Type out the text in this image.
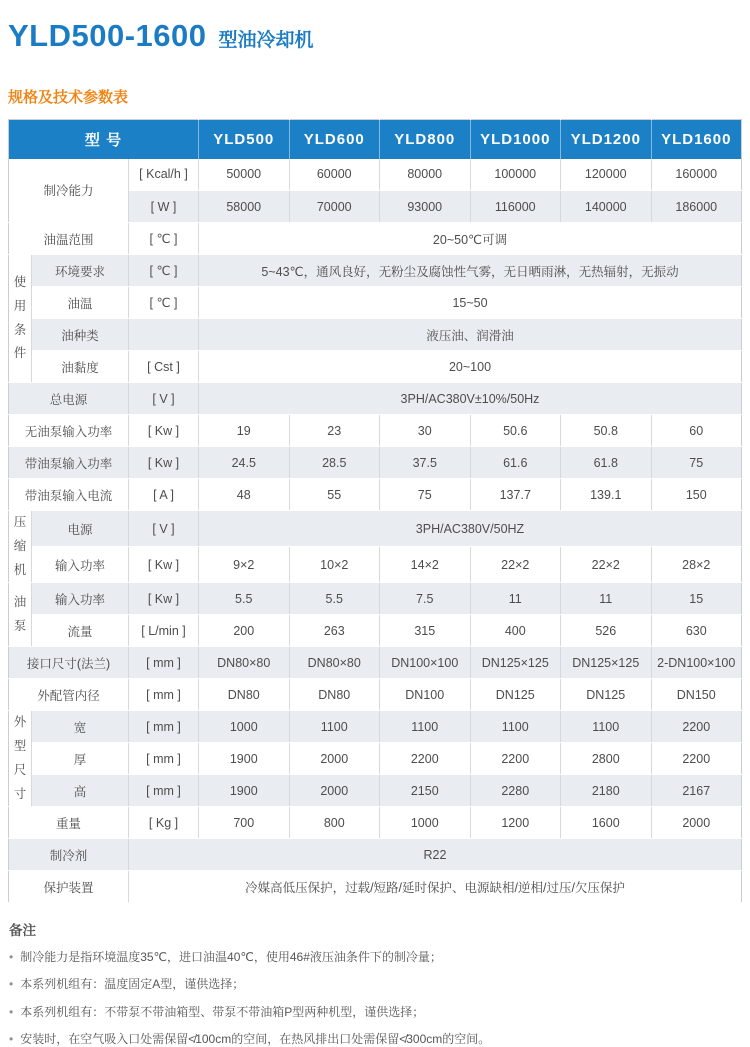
YLD500-1600 型油冷却机
规格及技术参数表
型 号			YLD500	YLD600	YLD800	YLD1000	YLD1200	YLD1600
制冷能力		[ Kcal/h ]	50000	60000	80000	100000	120000	160000
		[ W ]	58000	70000	93000	116000	140000	186000
油温范围		[ ℃ ]	20~50℃可调					
使用条件	环境要求	[ ℃ ]	5~43℃，通风良好，无粉尘及腐蚀性气雾，无日晒雨淋，无热辐射，无振动					
	油温	[ ℃ ]	15~50					
	油种类		液压油、润滑油					
	油黏度	[ Cst ]	20~100					
总电源		[ V ]	3PH/AC380V±10%/50Hz					
无油泵输入功率		[ Kw ]	19	23	30	50.6	50.8	60
带油泵输入功率		[ Kw ]	24.5	28.5	37.5	61.6	61.8	75
带油泵输入电流		[ A ]	48	55	75	137.7	139.1	150
压缩机	电源	[ V ]	3PH/AC380V/50HZ					
	输入功率	[ Kw ]	9×2	10×2	14×2	22×2	22×2	28×2
油泵	输入功率	[ Kw ]	5.5	5.5	7.5	11	11	15
	流量	[ L/min ]	200	263	315	400	526	630
接口尺寸(法兰)		[ mm ]	DN80×80	DN80×80	DN100×100	DN125×125	DN125×125	2-DN100×100
外配管内径		[ mm ]	DN80	DN80	DN100	DN125	DN125	DN150
外型尺寸	宽	[ mm ]	1000	1100	1100	1100	1100	2200
	厚	[ mm ]	1900	2000	2200	2200	2800	2200
	高	[ mm ]	1900	2000	2150	2280	2180	2167
重量		[ Kg ]	700	800	1000	1200	1600	2000
制冷剂		R22						
保护装置		冷媒高低压保护，过载/短路/延时保护、电源缺相/逆相/过压/欠压保护						
备注
• 制冷能力是指环境温度35℃，进口油温40℃，使用46#液压油条件下的制冷量；
• 本系列机组有：温度固定A型，谨供选择；
• 本系列机组有：不带泵不带油箱型、带泵不带油箱P型两种机型，谨供选择；
• 安装时，在空气吸入口处需保留≮100cm的空间，在热风排出口处需保留≮300cm的空间。
